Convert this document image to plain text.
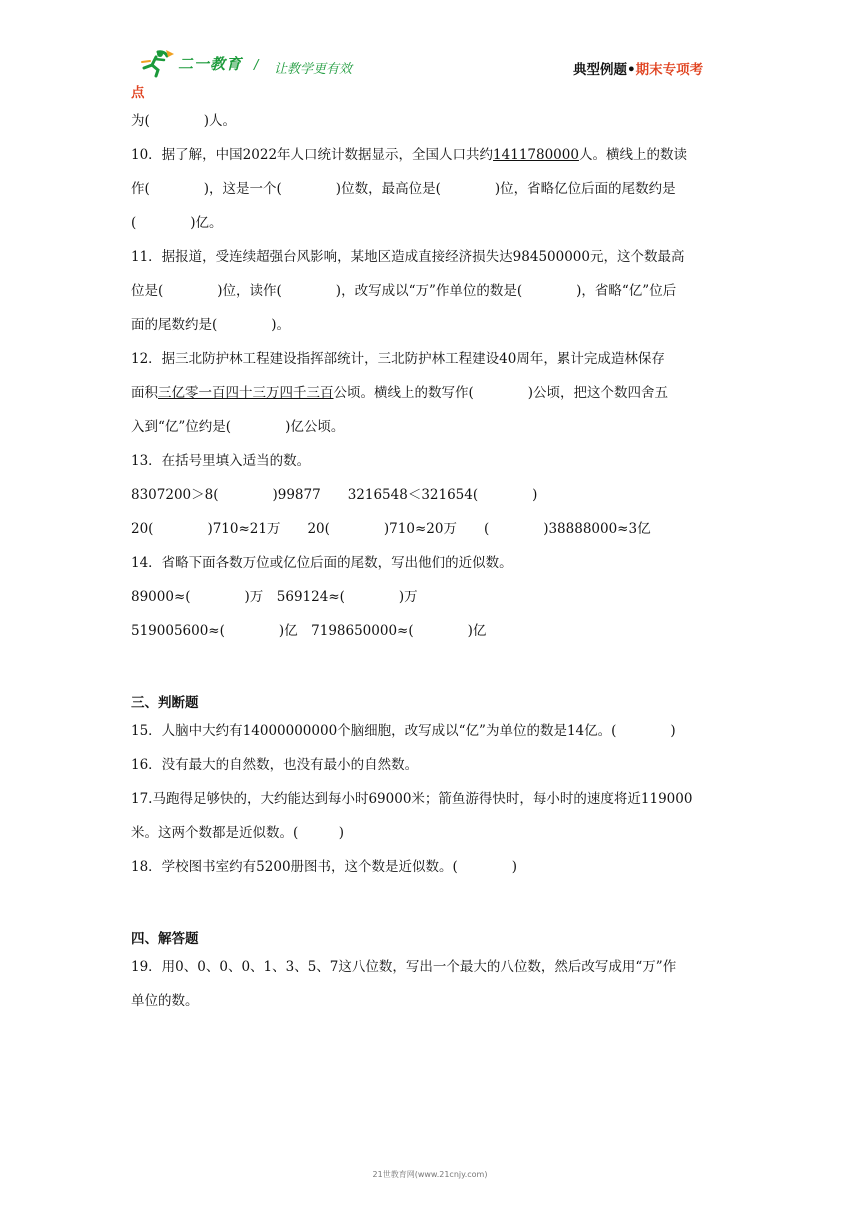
二一教育 / 让教学更有效	典型例题•期末专项考
点
为(　　　　)人。
10．据了解，中国2022年人口统计数据显示，全国人口共约1411780000人。横线上的数读
作(　　　　)，这是一个(　　　　)位数，最高位是(　　　　)位，省略亿位后面的尾数约是
(　　　　)亿。
11．据报道，受连续超强台风影响，某地区造成直接经济损失达984500000元，这个数最高
位是(　　　　)位，读作(　　　　)，改写成以“万”作单位的数是(　　　　)，省略“亿”位后
面的尾数约是(　　　　)。
12．据三北防护林工程建设指挥部统计，三北防护林工程建设40周年，累计完成造林保存
面积三亿零一百四十三万四千三百公顷。横线上的数写作(　　　　)公顷，把这个数四舍五
入到“亿”位约是(　　　　)亿公顷。
13．在括号里填入适当的数。
8307200＞8(　　　　)99877　　3216548＜321654(　　　　)
20(　　　　)710≈21万　　20(　　　　)710≈20万　　(　　　　)38888000≈3亿
14．省略下面各数万位或亿位后面的尾数，写出他们的近似数。
89000≈(　　　　)万　569124≈(　　　　)万
519005600≈(　　　　)亿　7198650000≈(　　　　)亿
三、判断题
15．人脑中大约有14000000000个脑细胞，改写成以“亿”为单位的数是14亿。(　　　　)
16．没有最大的自然数，也没有最小的自然数。
17.马跑得足够快的，大约能达到每小时69000米；箭鱼游得快时，每小时的速度将近119000
米。这两个数都是近似数。(　　　)
18．学校图书室约有5200册图书，这个数是近似数。(　　　　)
四、解答题
19．用0、0、0、0、1、3、5、7这八位数，写出一个最大的八位数，然后改写成用“万”作
单位的数。
21世教育网(www.21cnjy.com)
